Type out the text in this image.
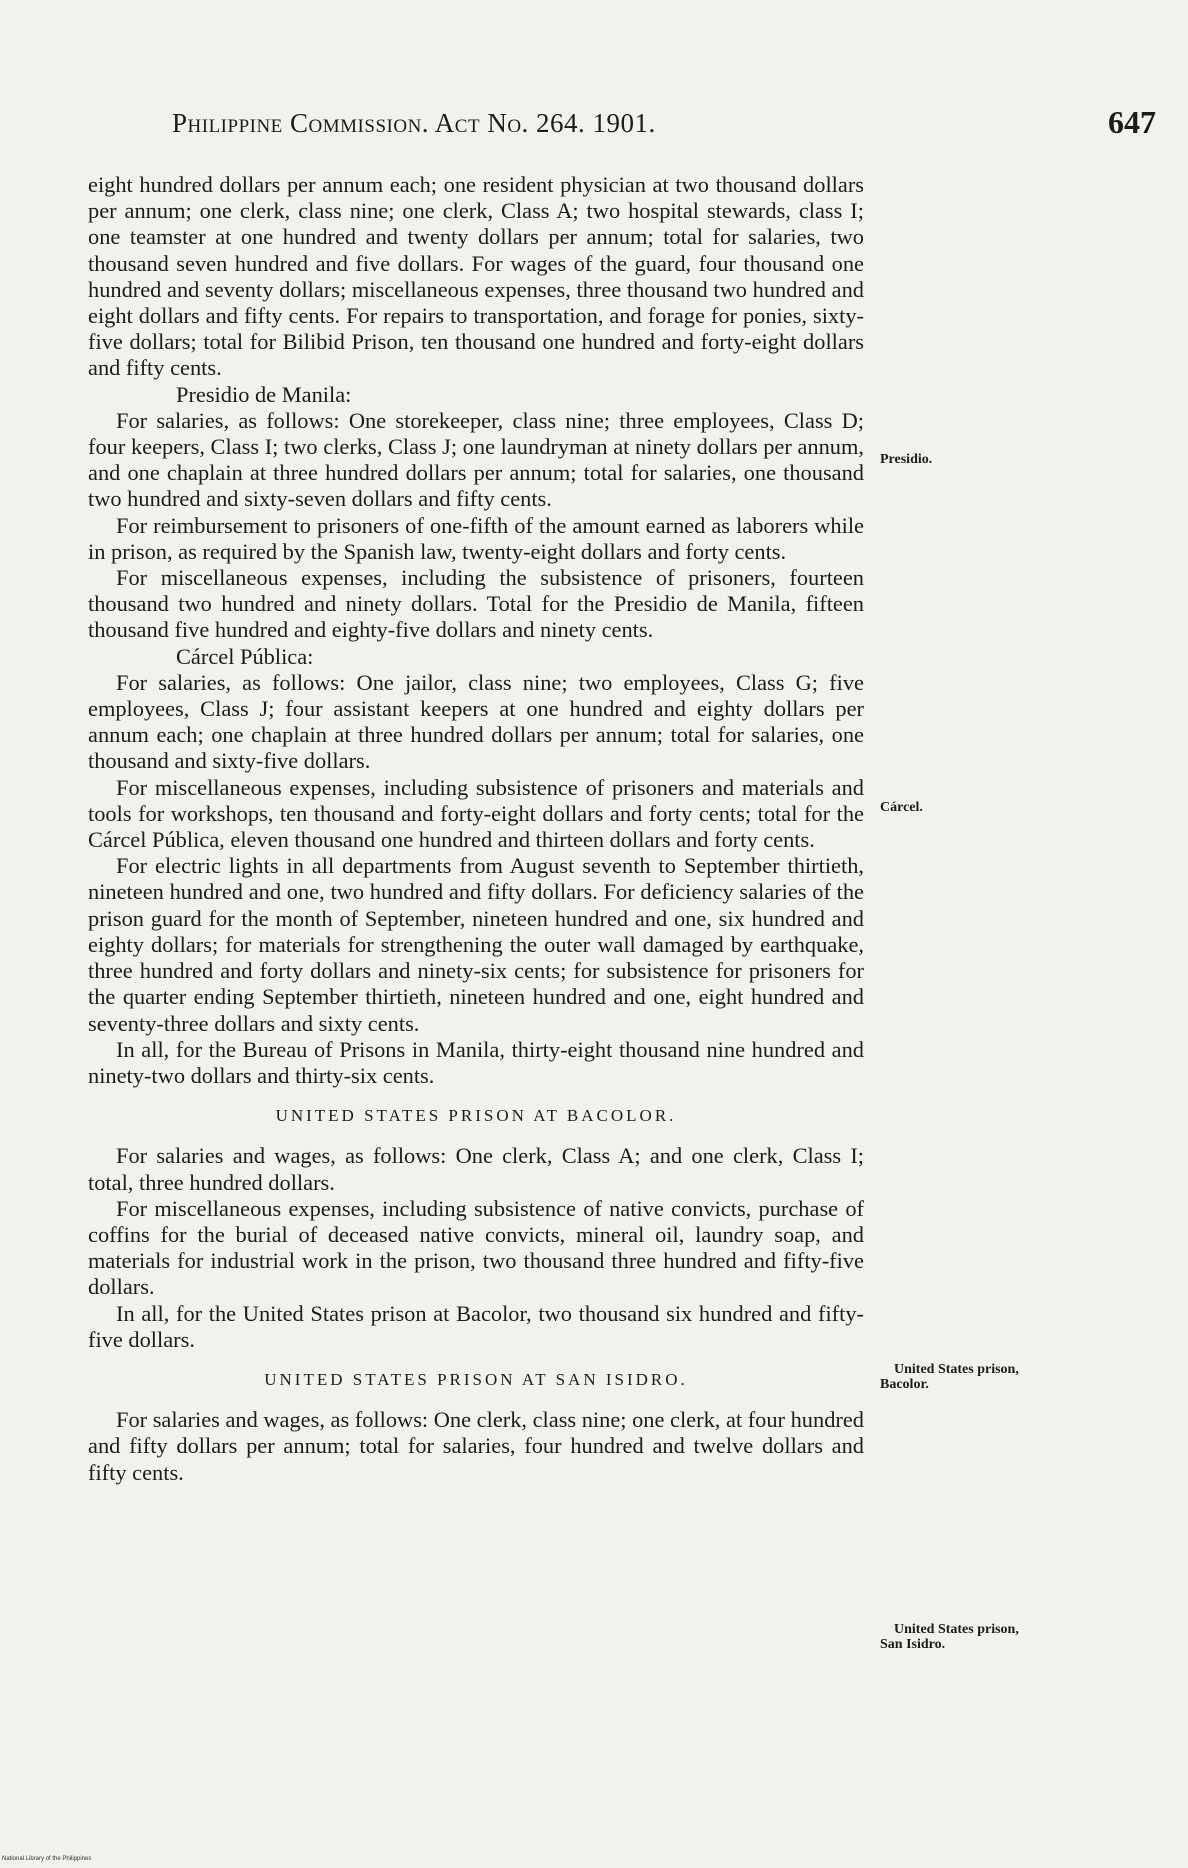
Philippine Commission. Act No. 264. 1901.	647

eight hundred dollars per annum each; one resident physician at two thousand dollars per annum; one clerk, class nine; one clerk, Class A; two hospital stewards, class I; one teamster at one hundred and twenty dollars per annum; total for salaries, two thousand seven hundred and five dollars. For wages of the guard, four thousand one hundred and seventy dollars; miscellaneous expenses, three thousand two hundred and eight dollars and fifty cents. For repairs to transportation, and forage for ponies, sixty-five dollars; total for Bilibid Prison, ten thousand one hundred and forty-eight dollars and fifty cents.

Presidio de Manila:

For salaries, as follows: One storekeeper, class nine; three employees, Class D; four keepers, Class I; two clerks, Class J; one laundryman at ninety dollars per annum, and one chaplain at three hundred dollars per annum; total for salaries, one thousand two hundred and sixty-seven dollars and fifty cents.

For reimbursement to prisoners of one-fifth of the amount earned as laborers while in prison, as required by the Spanish law, twenty-eight dollars and forty cents.

For miscellaneous expenses, including the subsistence of prisoners, fourteen thousand two hundred and ninety dollars. Total for the Presidio de Manila, fifteen thousand five hundred and eighty-five dollars and ninety cents.

Cárcel Pública:

For salaries, as follows: One jailor, class nine; two employees, Class G; five employees, Class J; four assistant keepers at one hundred and eighty dollars per annum each; one chaplain at three hundred dollars per annum; total for salaries, one thousand and sixty-five dollars.

For miscellaneous expenses, including subsistence of prisoners and materials and tools for workshops, ten thousand and forty-eight dollars and forty cents; total for the Cárcel Pública, eleven thousand one hundred and thirteen dollars and forty cents.

For electric lights in all departments from August seventh to September thirtieth, nineteen hundred and one, two hundred and fifty dollars. For deficiency salaries of the prison guard for the month of September, nineteen hundred and one, six hundred and eighty dollars; for materials for strengthening the outer wall damaged by earthquake, three hundred and forty dollars and ninety-six cents; for subsistence for prisoners for the quarter ending September thirtieth, nineteen hundred and one, eight hundred and seventy-three dollars and sixty cents.

In all, for the Bureau of Prisons in Manila, thirty-eight thousand nine hundred and ninety-two dollars and thirty-six cents.

UNITED STATES PRISON AT BACOLOR.

For salaries and wages, as follows: One clerk, Class A; and one clerk, Class I; total, three hundred dollars.

For miscellaneous expenses, including subsistence of native convicts, purchase of coffins for the burial of deceased native convicts, mineral oil, laundry soap, and materials for industrial work in the prison, two thousand three hundred and fifty-five dollars.

In all, for the United States prison at Bacolor, two thousand six hundred and fifty-five dollars.

UNITED STATES PRISON AT SAN ISIDRO.

For salaries and wages, as follows: One clerk, class nine; one clerk, at four hundred and fifty dollars per annum; total for salaries, four hundred and twelve dollars and fifty cents.

Presidio.
Cárcel.
United States prison,
Bacolor.
United States prison,
San Isidro.
National Library of the Philippines
